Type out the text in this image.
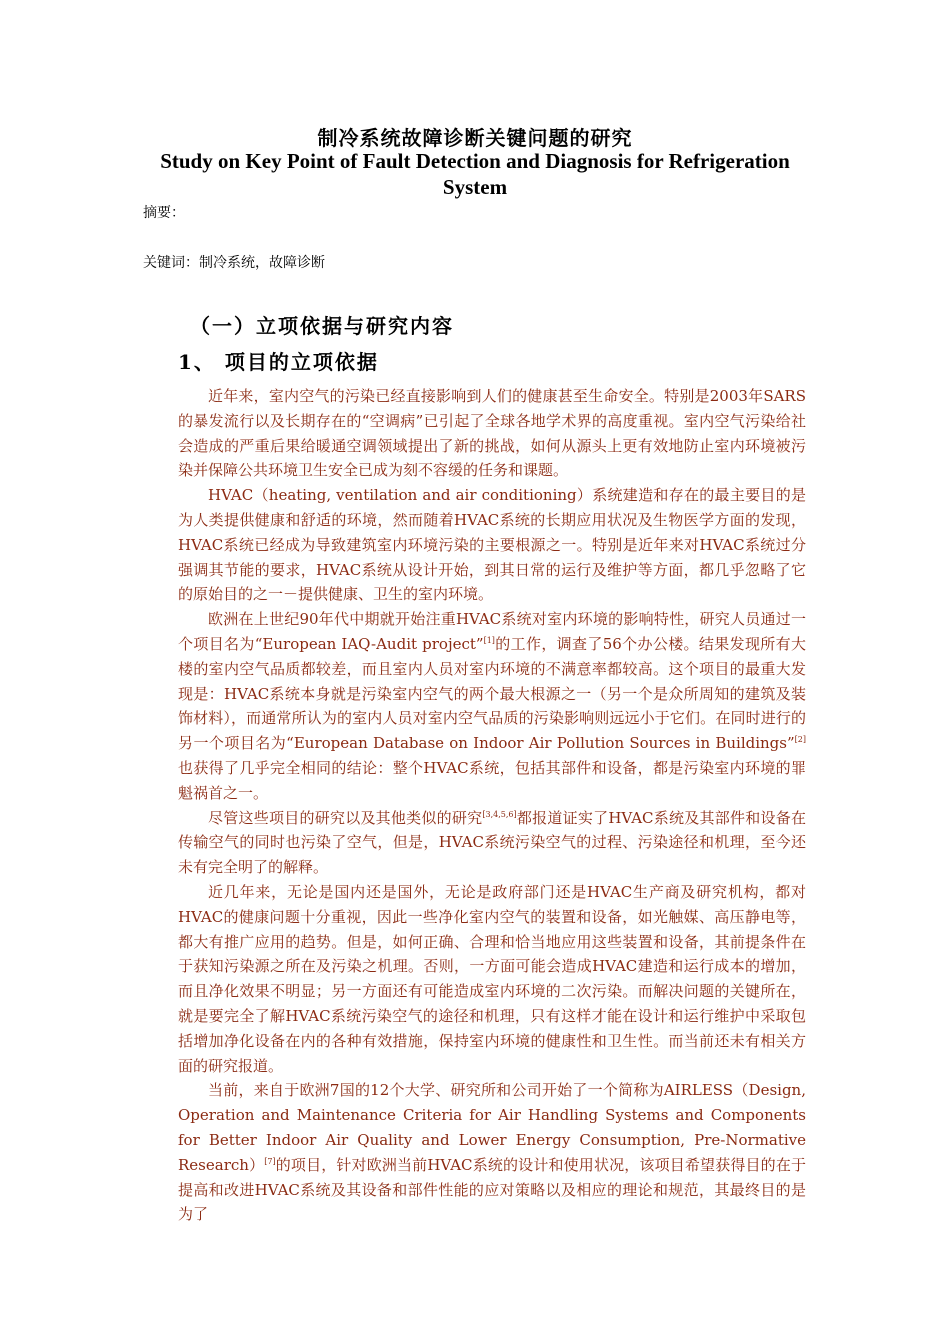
制冷系统故障诊断关键问题的研究
Study on Key Point of Fault Detection and Diagnosis for Refrigeration System
摘要：
关键词：制冷系统，故障诊断
（一）立项依据与研究内容
1、 项目的立项依据

近年来，室内空气的污染已经直接影响到人们的健康甚至生命安全。特别是2003年SARS的暴发流行以及长期存在的“空调病”已引起了全球各地学术界的高度重视。室内空气污染给社会造成的严重后果给暖通空调领域提出了新的挑战，如何从源头上更有效地防止室内环境被污染并保障公共环境卫生安全已成为刻不容缓的任务和课题。

HVAC（heating, ventilation and air conditioning）系统建造和存在的最主要目的是为人类提供健康和舒适的环境，然而随着HVAC系统的长期应用状况及生物医学方面的发现，HVAC系统已经成为导致建筑室内环境污染的主要根源之一。特别是近年来对HVAC系统过分强调其节能的要求，HVAC系统从设计开始，到其日常的运行及维护等方面，都几乎忽略了它的原始目的之一－提供健康、卫生的室内环境。

欧洲在上世纪90年代中期就开始注重HVAC系统对室内环境的影响特性，研究人员通过一个项目名为“European IAQ-Audit project”[1]的工作，调查了56个办公楼。结果发现所有大楼的室内空气品质都较差，而且室内人员对室内环境的不满意率都较高。这个项目的最重大发现是：HVAC系统本身就是污染室内空气的两个最大根源之一（另一个是众所周知的建筑及装饰材料），而通常所认为的室内人员对室内空气品质的污染影响则远远小于它们。在同时进行的另一个项目名为“European Database on Indoor Air Pollution Sources in Buildings”[2]也获得了几乎完全相同的结论：整个HVAC系统，包括其部件和设备，都是污染室内环境的罪魁祸首之一。

尽管这些项目的研究以及其他类似的研究[3,4,5,6]都报道证实了HVAC系统及其部件和设备在传输空气的同时也污染了空气，但是，HVAC系统污染空气的过程、污染途径和机理，至今还未有完全明了的解释。

近几年来，无论是国内还是国外，无论是政府部门还是HVAC生产商及研究机构，都对HVAC的健康问题十分重视，因此一些净化室内空气的装置和设备，如光触媒、高压静电等，都大有推广应用的趋势。但是，如何正确、合理和恰当地应用这些装置和设备，其前提条件在于获知污染源之所在及污染之机理。否则，一方面可能会造成HVAC建造和运行成本的增加，而且净化效果不明显；另一方面还有可能造成室内环境的二次污染。而解决问题的关键所在，就是要完全了解HVAC系统污染空气的途径和机理，只有这样才能在设计和运行维护中采取包括增加净化设备在内的各种有效措施，保持室内环境的健康性和卫生性。而当前还未有相关方面的研究报道。

当前，来自于欧洲7国的12个大学、研究所和公司开始了一个简称为AIRLESS（Design, Operation and Maintenance Criteria for Air Handling Systems and Components for Better Indoor Air Quality and Lower Energy Consumption, Pre-Normative Research）[7]的项目，针对欧洲当前HVAC系统的设计和使用状况，该项目希望获得目的在于提高和改进HVAC系统及其设备和部件性能的应对策略以及相应的理论和规范，其最终目的是为了
